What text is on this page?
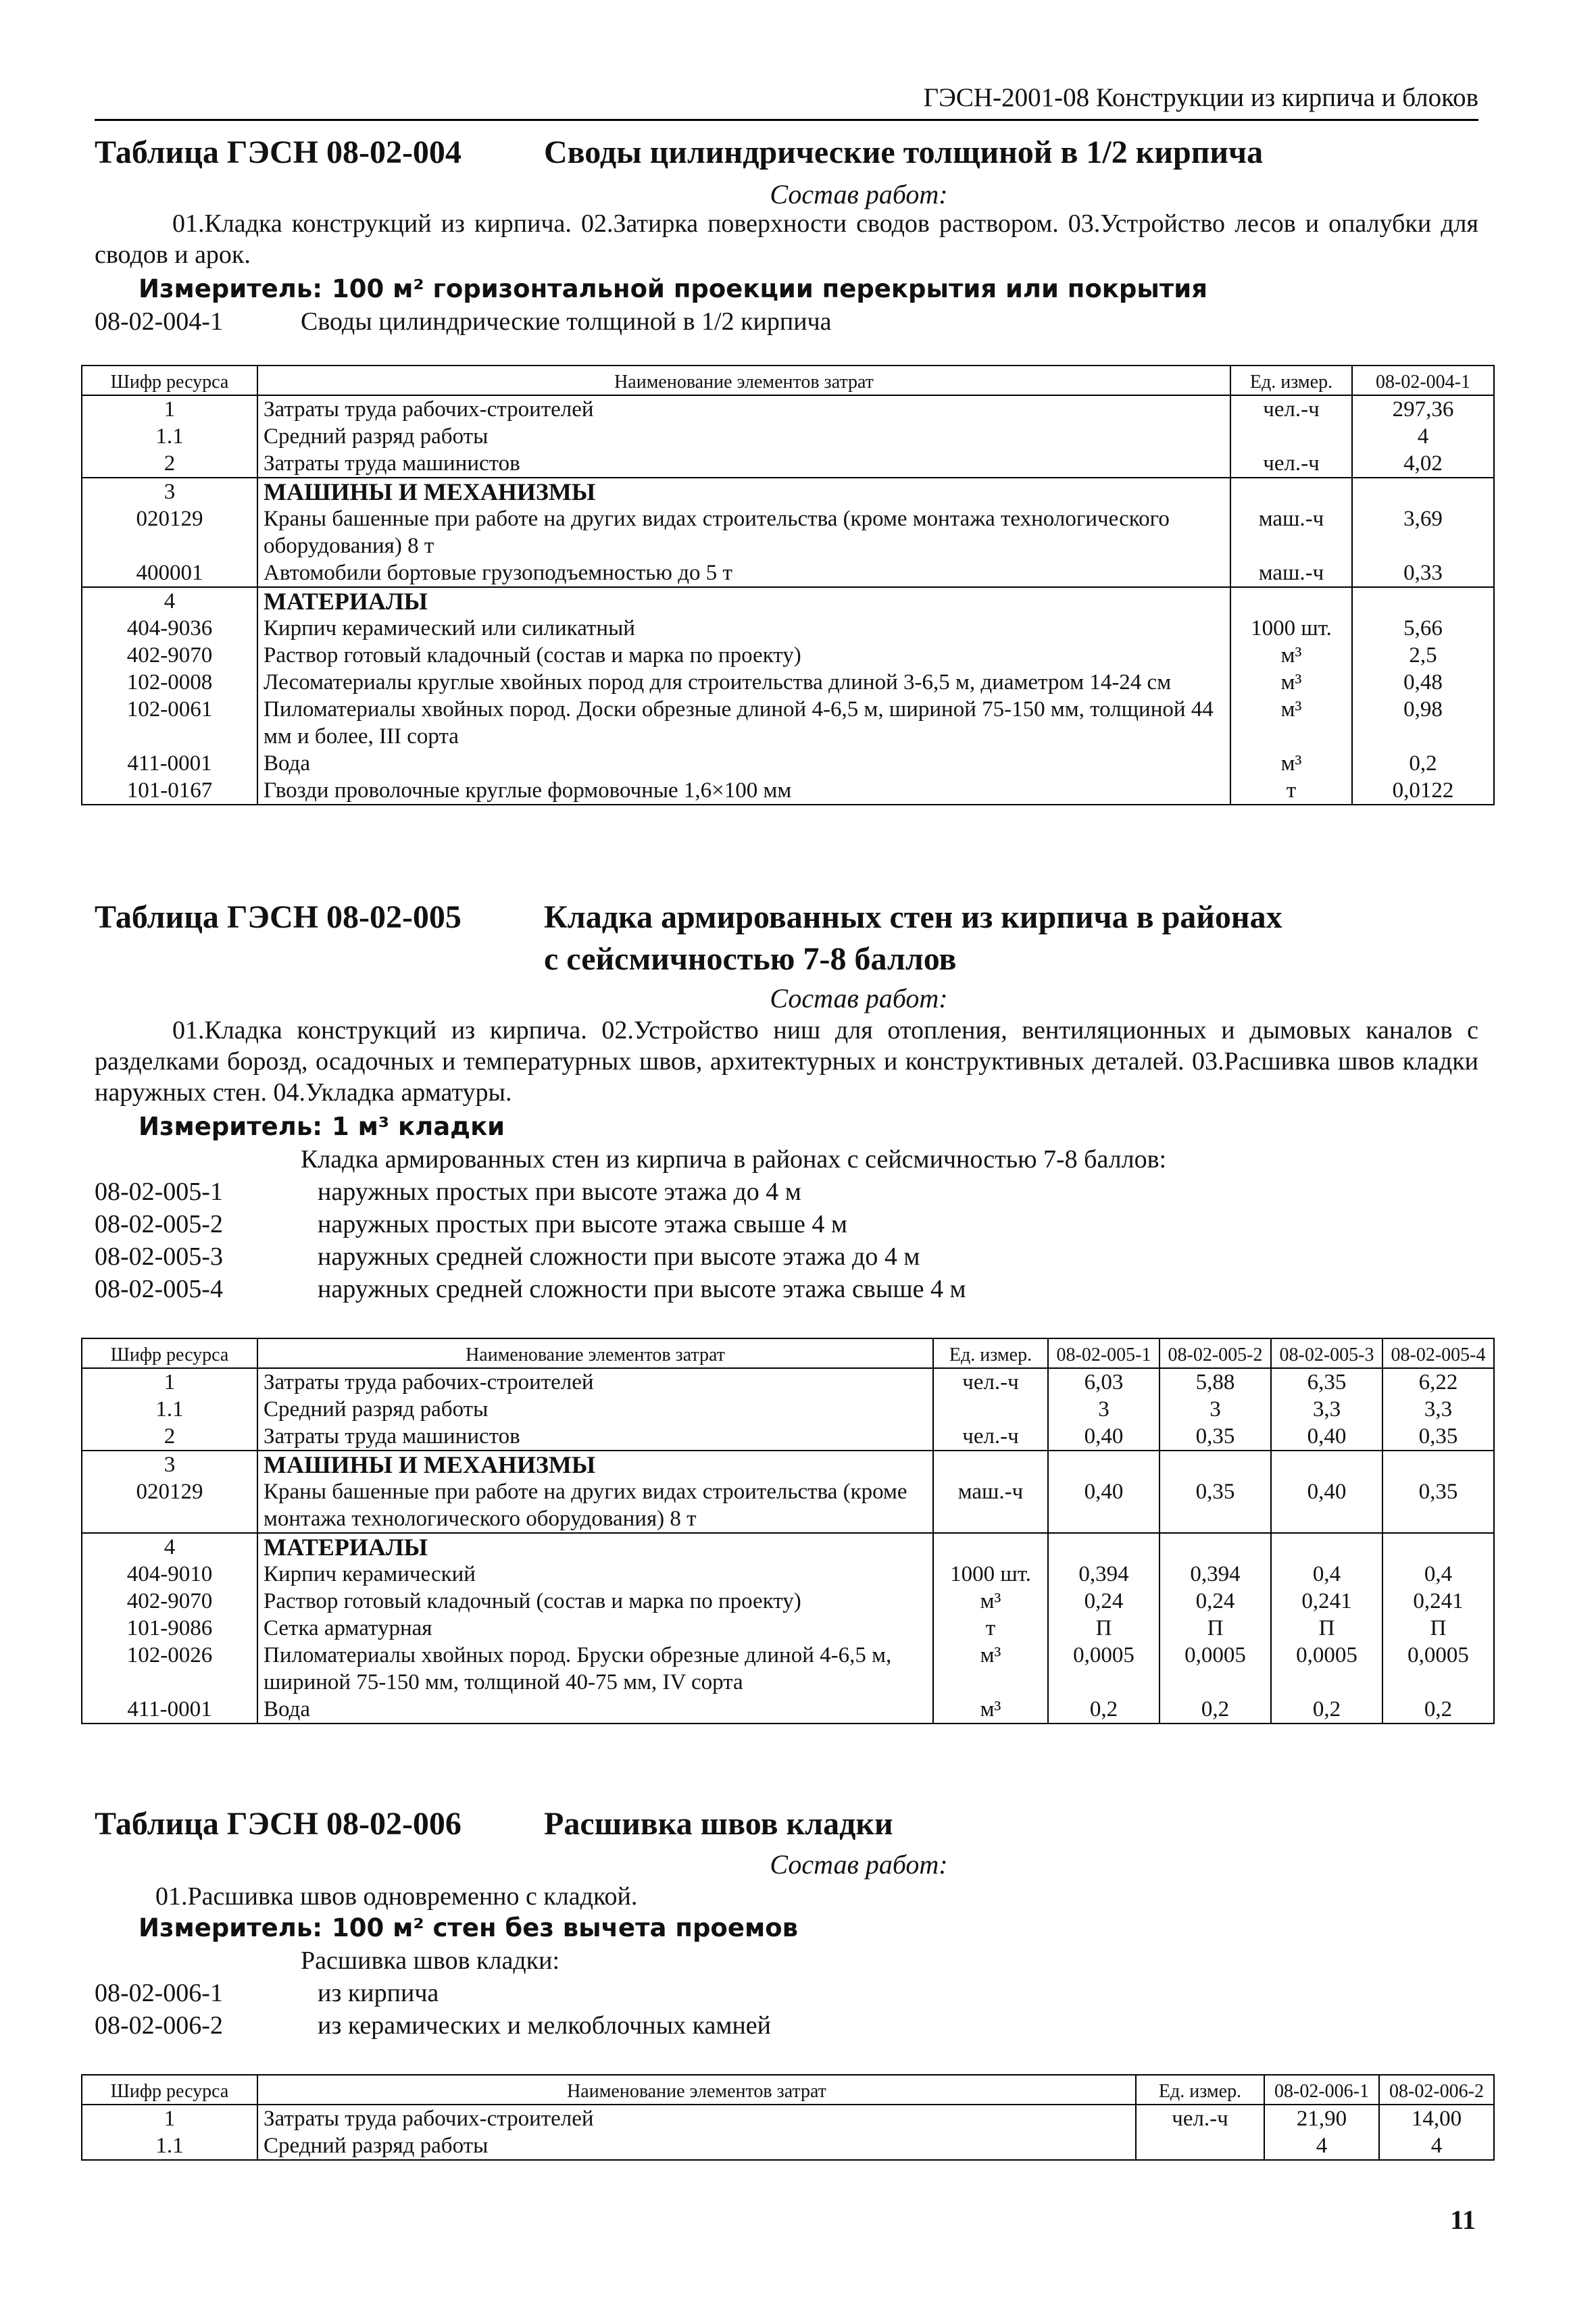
ГЭСН-2001-08 Конструкции из кирпича и блоков
Таблица ГЭСН 08-02-004	Своды цилиндрические толщиной в 1/2 кирпича
Состав работ:
01.Кладка конструкций из кирпича. 02.Затирка поверхности сводов раствором. 03.Устройство лесов и опалубки для сводов и арок.
Измеритель: 100 м² горизонтальной проекции перекрытия или покрытия
08-02-004-1	Своды цилиндрические толщиной в 1/2 кирпича
Шифр ресурса	Наименование элементов затрат	Ед. измер.	08-02-004-1
1	Затраты труда рабочих-строителей	чел.-ч	297,36
1.1	Средний разряд работы		4
2	Затраты труда машинистов	чел.-ч	4,02
3	МАШИНЫ И МЕХАНИЗМЫ		
020129	Краны башенные при работе на других видах строительства (кроме монтажа технологического оборудования) 8 т	маш.-ч	3,69
400001	Автомобили бортовые грузоподъемностью до 5 т	маш.-ч	0,33
4	МАТЕРИАЛЫ		
404-9036	Кирпич керамический или силикатный	1000 шт.	5,66
402-9070	Раствор готовый кладочный (состав и марка по проекту)	м³	2,5
102-0008	Лесоматериалы круглые хвойных пород для строительства длиной 3-6,5 м, диаметром 14-24 см	м³	0,48
102-0061	Пиломатериалы хвойных пород. Доски обрезные длиной 4-6,5 м, шириной 75-150 мм, толщиной 44 мм и более, III сорта	м³	0,98
411-0001	Вода	м³	0,2
101-0167	Гвозди проволочные круглые формовочные 1,6×100 мм	т	0,0122
Таблица ГЭСН 08-02-005	Кладка армированных стен из кирпича в районах
с сейсмичностью 7-8 баллов
Состав работ:
01.Кладка конструкций из кирпича. 02.Устройство ниш для отопления, вентиляционных и дымовых каналов с разделками борозд, осадочных и температурных швов, архитектурных и конструктивных деталей. 03.Расшивка швов кладки наружных стен. 04.Укладка арматуры.
Измеритель: 1 м³ кладки
Кладка армированных стен из кирпича в районах с сейсмичностью 7-8 баллов:
08-02-005-1	наружных простых при высоте этажа до 4 м
08-02-005-2	наружных простых при высоте этажа свыше 4 м
08-02-005-3	наружных средней сложности при высоте этажа до 4 м
08-02-005-4	наружных средней сложности при высоте этажа свыше 4 м
Шифр ресурса	Наименование элементов затрат	Ед. измер.	08-02-005-1	08-02-005-2	08-02-005-3	08-02-005-4
1	Затраты труда рабочих-строителей	чел.-ч	6,03	5,88	6,35	6,22
1.1	Средний разряд работы		3	3	3,3	3,3
2	Затраты труда машинистов	чел.-ч	0,40	0,35	0,40	0,35
3	МАШИНЫ И МЕХАНИЗМЫ					
020129	Краны башенные при работе на других видах строительства (кроме монтажа технологического оборудования) 8 т	маш.-ч	0,40	0,35	0,40	0,35
4	МАТЕРИАЛЫ					
404-9010	Кирпич керамический	1000 шт.	0,394	0,394	0,4	0,4
402-9070	Раствор готовый кладочный (состав и марка по проекту)	м³	0,24	0,24	0,241	0,241
101-9086	Сетка арматурная	т	П	П	П	П
102-0026	Пиломатериалы хвойных пород. Бруски обрезные длиной 4-6,5 м, шириной 75-150 мм, толщиной 40-75 мм, IV сорта	м³	0,0005	0,0005	0,0005	0,0005
411-0001	Вода	м³	0,2	0,2	0,2	0,2
Таблица ГЭСН 08-02-006	Расшивка швов кладки
Состав работ:
01.Расшивка швов одновременно с кладкой.
Измеритель: 100 м² стен без вычета проемов
Расшивка швов кладки:
08-02-006-1	из кирпича
08-02-006-2	из керамических и мелкоблочных камней
Шифр ресурса	Наименование элементов затрат	Ед. измер.	08-02-006-1	08-02-006-2
1	Затраты труда рабочих-строителей	чел.-ч	21,90	14,00
1.1	Средний разряд работы		4	4
11
